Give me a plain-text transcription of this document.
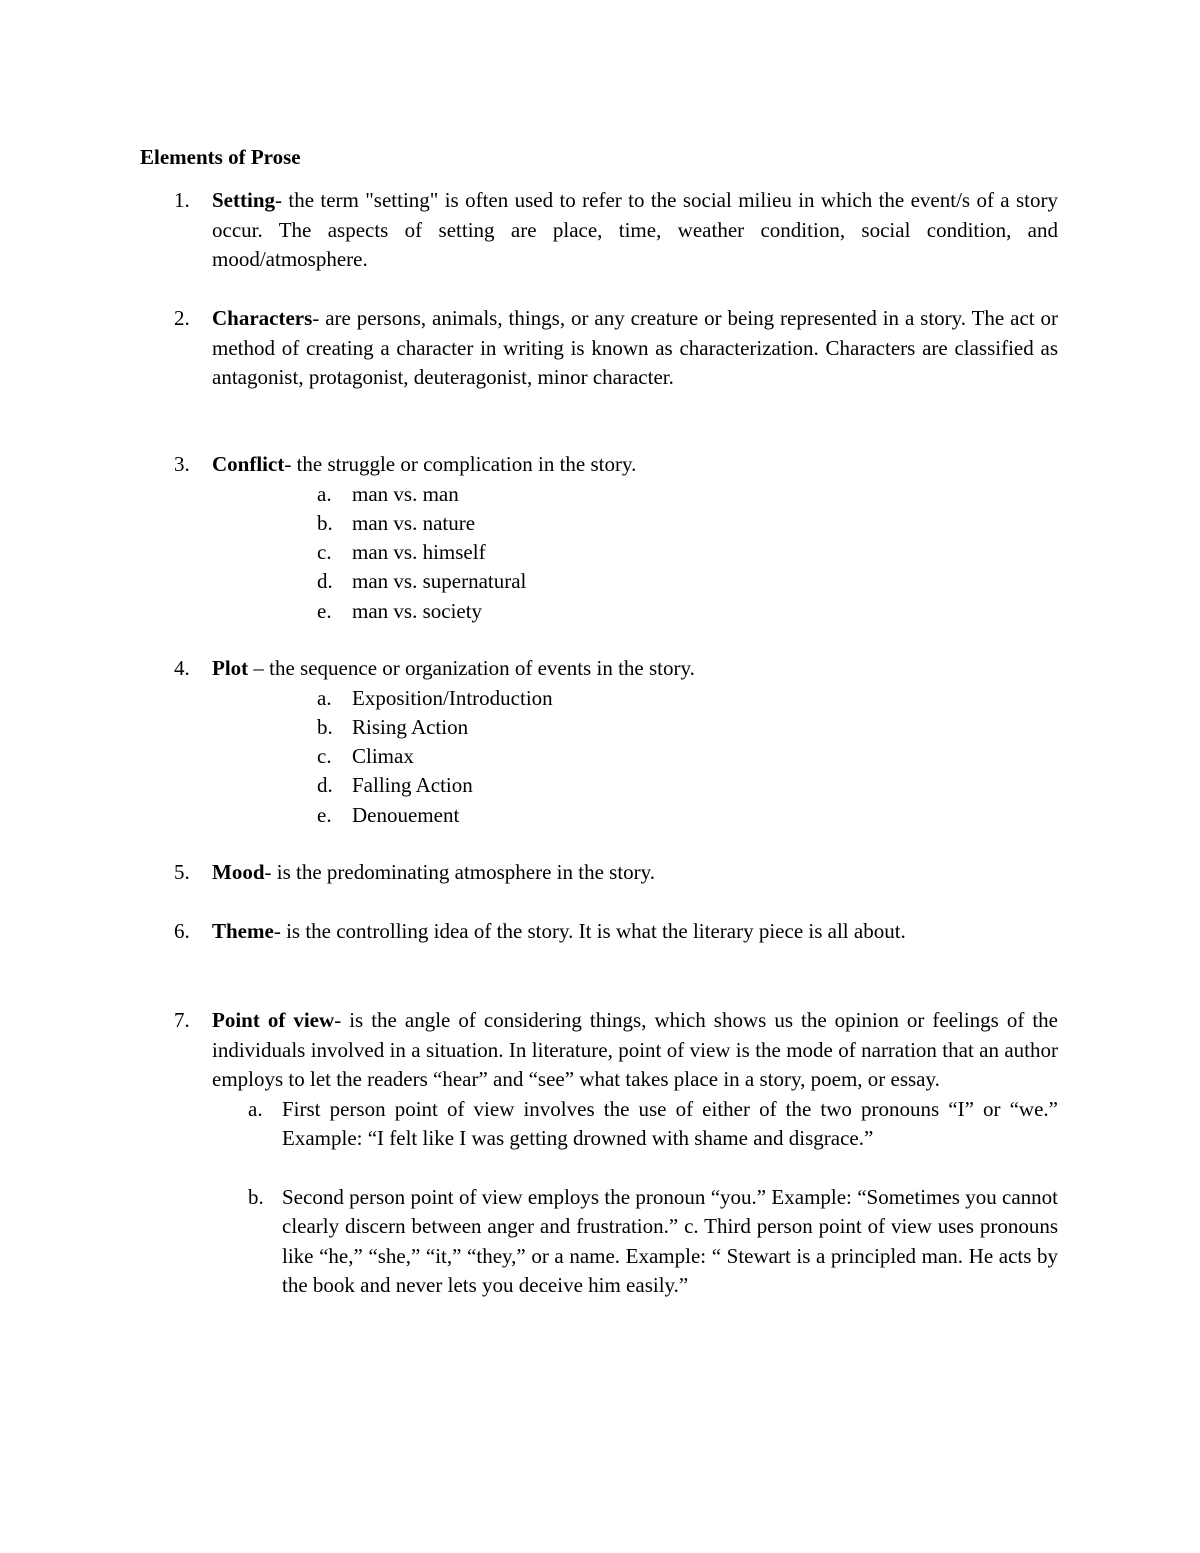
Elements of Prose
1.	Setting- the term "setting" is often used to refer to the social milieu in which the event/s of a story occur. The aspects of setting are place, time, weather condition, social condition, and mood/atmosphere.
2.	Characters- are persons, animals, things, or any creature or being represented in a story. The act or method of creating a character in writing is known as characterization. Characters are classified as antagonist, protagonist, deuteragonist, minor character.
3.	Conflict- the struggle or complication in the story.
a. man vs. man
b. man vs. nature
c. man vs. himself
d. man vs. supernatural
e. man vs. society
4.	Plot – the sequence or organization of events in the story.
a. Exposition/Introduction
b. Rising Action
c. Climax
d. Falling Action
e. Denouement
5.	Mood- is the predominating atmosphere in the story.
6.	Theme- is the controlling idea of the story. It is what the literary piece is all about.
7.	Point of view- is the angle of considering things, which shows us the opinion or feelings of the individuals involved in a situation. In literature, point of view is the mode of narration that an author employs to let the readers “hear” and “see” what takes place in a story, poem, or essay.
a. First person point of view involves the use of either of the two pronouns “I” or “we.” Example: “I felt like I was getting drowned with shame and disgrace.”
b. Second person point of view employs the pronoun “you.” Example: “Sometimes you cannot clearly discern between anger and frustration.” c. Third person point of view uses pronouns like “he,” “she,” “it,” “they,” or a name. Example: “ Stewart is a principled man. He acts by the book and never lets you deceive him easily.”
